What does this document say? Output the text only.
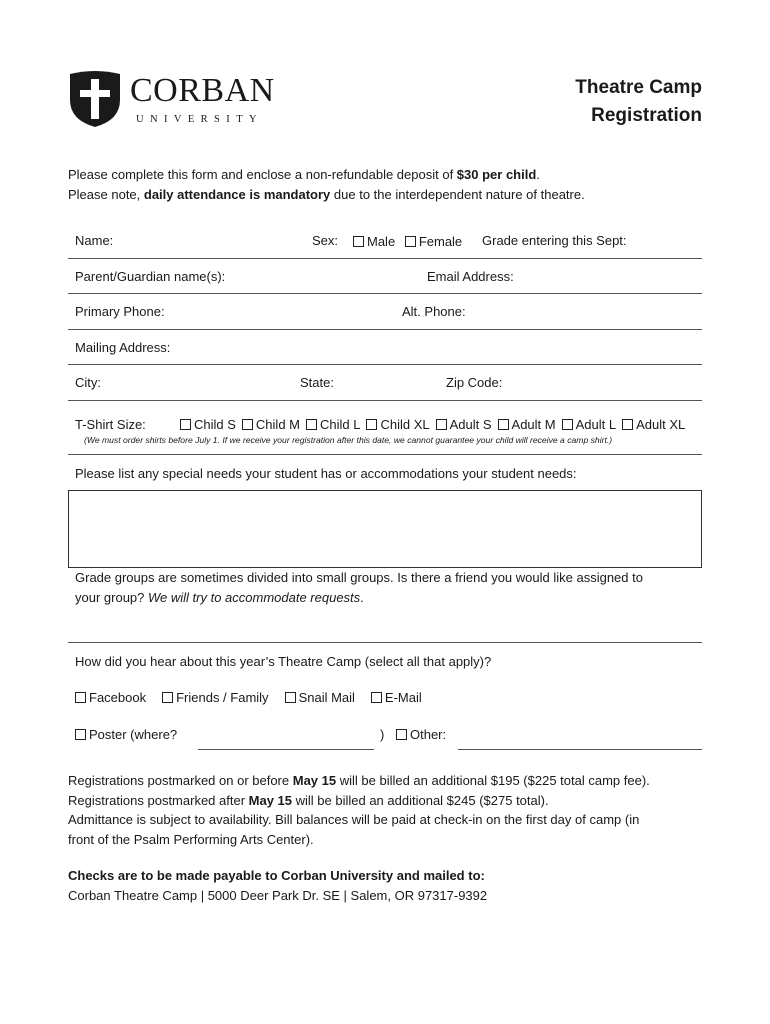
CORBAN
UNIVERSITY
Theatre Camp
Registration
Please complete this form and enclose a non-refundable deposit of $30 per child.
Please note, daily attendance is mandatory due to the interdependent nature of theatre.
Name:	Sex:	Male Female	Grade entering this Sept:
Parent/Guardian name(s):	Email Address:
Primary Phone:	Alt. Phone:
Mailing Address:
City:	State:	Zip Code:
T-Shirt Size:	Child S Child M Child L Child XL Adult S Adult M Adult L Adult XL
(We must order shirts before July 1. If we receive your registration after this date, we cannot guarantee your child will receive a camp shirt.)
Please list any special needs your student has or accommodations your student needs:
Grade groups are sometimes divided into small groups. Is there a friend you would like assigned to
your group? We will try to accommodate requests.
How did you hear about this year’s Theatre Camp (select all that apply)?
Facebook Friends / Family Snail Mail E-Mail
Poster (where?	)	Other:
Registrations postmarked on or before May 15 will be billed an additional $195 ($225 total camp fee).
Registrations postmarked after May 15 will be billed an additional $245 ($275 total).
Admittance is subject to availability. Bill balances will be paid at check-in on the first day of camp (in
front of the Psalm Performing Arts Center).
Checks are to be made payable to Corban University and mailed to:
Corban Theatre Camp | 5000 Deer Park Dr. SE | Salem, OR 97317-9392
